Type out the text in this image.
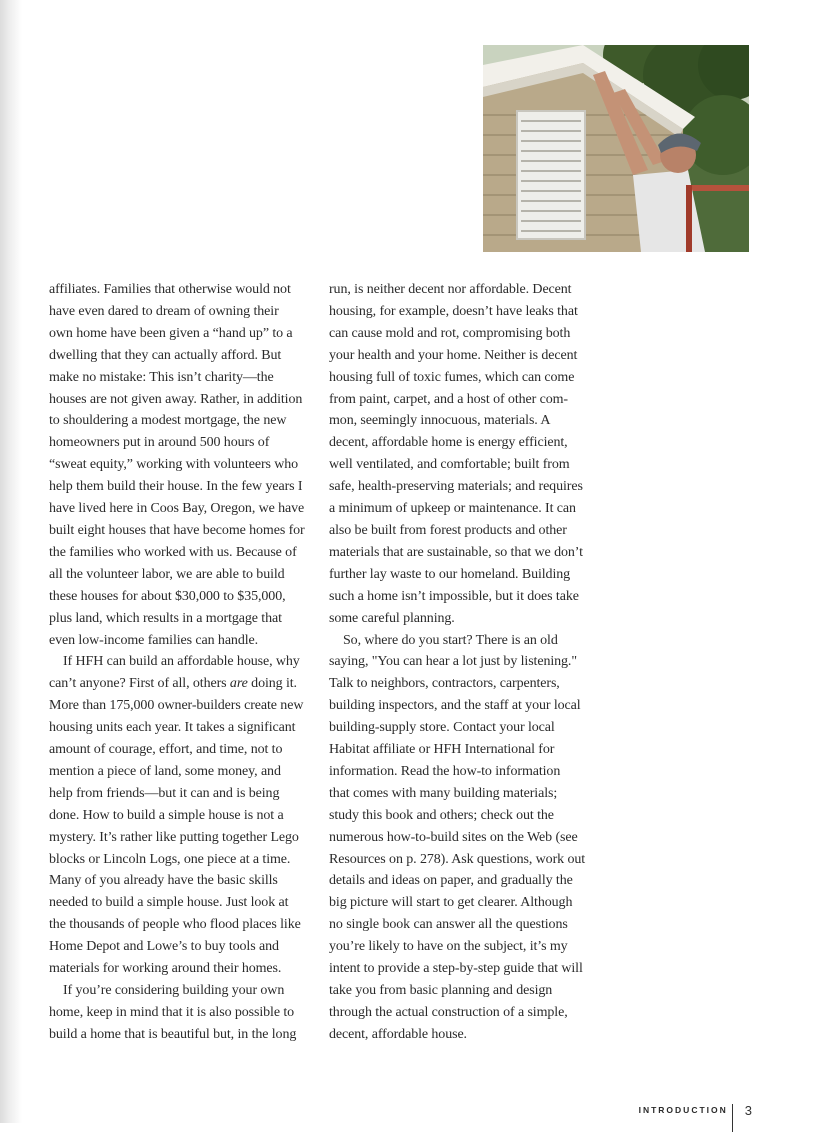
affiliates. Families that otherwise would not

have even dared to dream of owning their

own home have been given a “hand up” to a

dwelling that they can actually afford. But

make no mistake: This isn’t charity—the

houses are not given away. Rather, in addition

to shouldering a modest mortgage, the new

homeowners put in around 500 hours of

“sweat equity,” working with volunteers who

help them build their house. In the few years I

have lived here in Coos Bay, Oregon, we have

built eight houses that have become homes for

the families who worked with us. Because of

all the volunteer labor, we are able to build

these houses for about $30,000 to $35,000,

plus land, which results in a mortgage that

even low-income families can handle.

If HFH can build an affordable house, why

can’t anyone? First of all, others are doing it.

More than 175,000 owner-builders create new

housing units each year. It takes a significant

amount of courage, effort, and time, not to

mention a piece of land, some money, and

help from friends—but it can and is being

done. How to build a simple house is not a

mystery. It’s rather like putting together Lego

blocks or Lincoln Logs, one piece at a time.

Many of you already have the basic skills

needed to build a simple house. Just look at

the thousands of people who flood places like

Home Depot and Lowe’s to buy tools and

materials for working around their homes.

If you’re considering building your own

home, keep in mind that it is also possible to

build a home that is beautiful but, in the long

run, is neither decent nor affordable. Decent

housing, for example, doesn’t have leaks that

can cause mold and rot, compromising both

your health and your home. Neither is decent

housing full of toxic fumes, which can come

from paint, carpet, and a host of other com-

mon, seemingly innocuous, materials. A

decent, affordable home is energy efficient,

well ventilated, and comfortable; built from

safe, health-preserving materials; and requires

a minimum of upkeep or maintenance. It can

also be built from forest products and other

materials that are sustainable, so that we don’t

further lay waste to our homeland. Building

such a home isn’t impossible, but it does take

some careful planning.

So, where do you start? There is an old

saying, "You can hear a lot just by listening."

Talk to neighbors, contractors, carpenters,

building inspectors, and the staff at your local

building-supply store. Contact your local

Habitat affiliate or HFH International for

information. Read the how-to information

that comes with many building materials;

study this book and others; check out the

numerous how-to-build sites on the Web (see

Resources on p. 278). Ask questions, work out

details and ideas on paper, and gradually the

big picture will start to get clearer. Although

no single book can answer all the questions

you’re likely to have on the subject, it’s my

intent to provide a step-by-step guide that will

take you from basic planning and design

through the actual construction of a simple,

decent, affordable house.

INTRODUCTION 3
